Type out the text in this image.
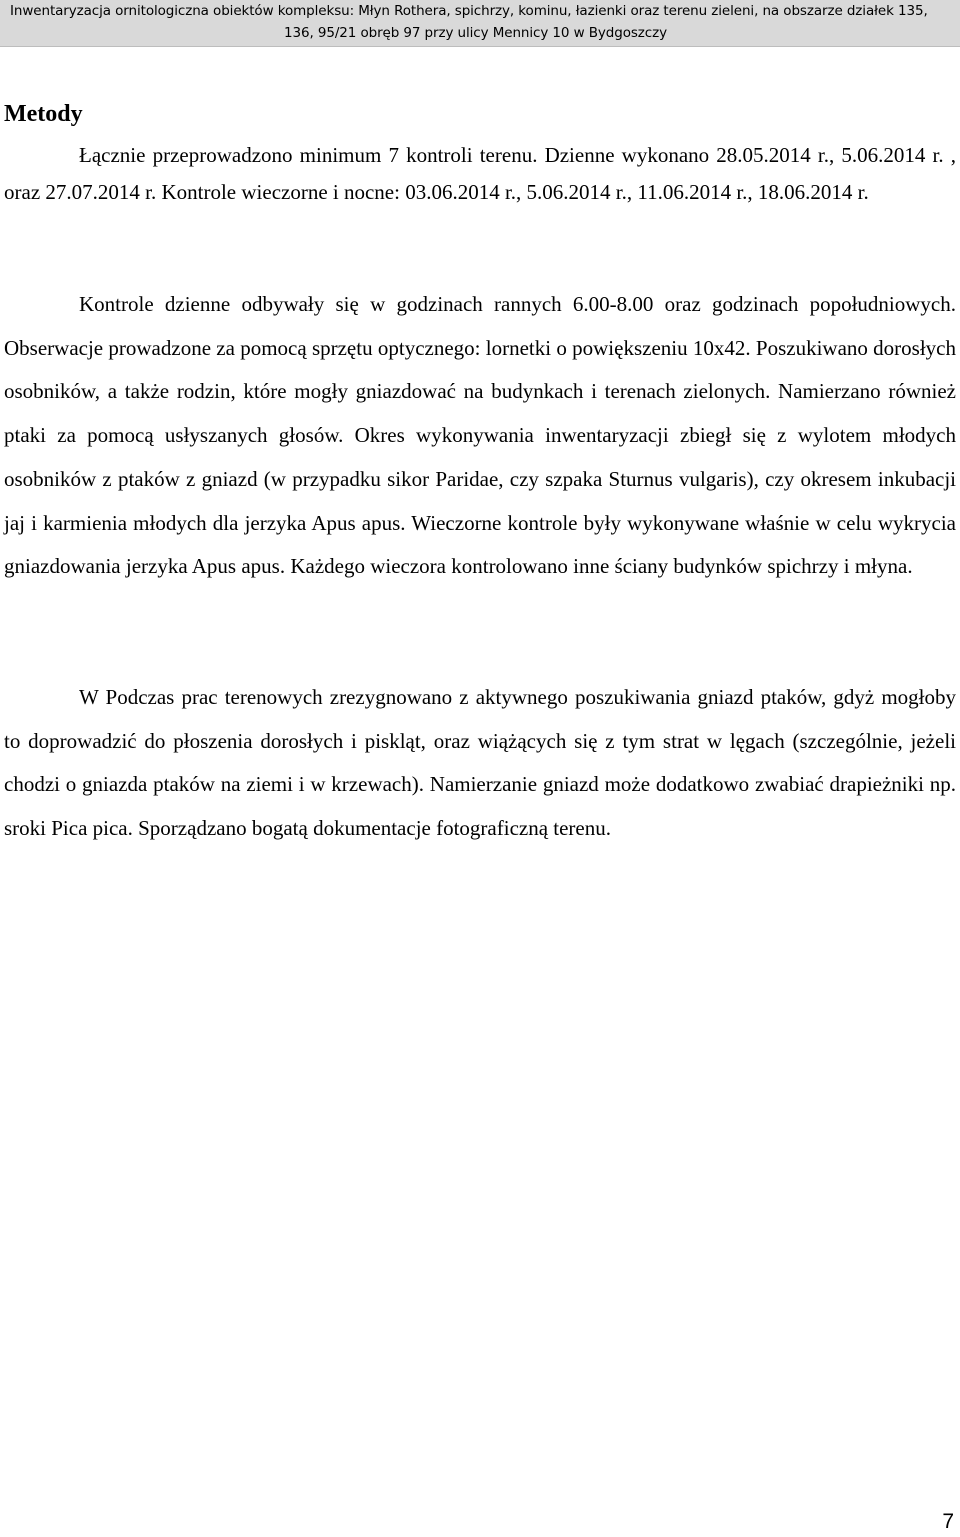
Inwentaryzacja ornitologiczna obiektów kompleksu: Młyn Rothera, spichrzy, kominu, łazienki oraz terenu zieleni, na obszarze działek 135,
136, 95/21 obręb 97 przy ulicy Mennicy 10 w Bydgoszczy
Metody

Łącznie przeprowadzono minimum 7 kontroli terenu. Dzienne wykonano 28.05.2014 r., 5.06.2014 r. , oraz 27.07.2014 r. Kontrole wieczorne i nocne: 03.06.2014 r., 5.06.2014 r., 11.06.2014 r., 18.06.2014 r.

Kontrole dzienne odbywały się w godzinach rannych 6.00-8.00 oraz godzinach popołudniowych. Obserwacje prowadzone za pomocą sprzętu optycznego: lornetki o powiększeniu 10x42. Poszukiwano dorosłych osobników, a także rodzin, które mogły gniazdować na budynkach i terenach zielonych. Namierzano również ptaki za pomocą usłyszanych głosów. Okres wykonywania inwentaryzacji zbiegł się z wylotem młodych osobników z ptaków z gniazd (w przypadku sikor Paridae, czy szpaka Sturnus vulgaris), czy okresem inkubacji jaj i karmienia młodych dla jerzyka Apus apus. Wieczorne kontrole były wykonywane właśnie w celu wykrycia gniazdowania jerzyka Apus apus. Każdego wieczora kontrolowano inne ściany budynków spichrzy i młyna.

W Podczas prac terenowych zrezygnowano z aktywnego poszukiwania gniazd ptaków, gdyż mogłoby to doprowadzić do płoszenia dorosłych i piskląt, oraz wiążących się z tym strat w lęgach (szczególnie, jeżeli chodzi o gniazda ptaków na ziemi i w krzewach). Namierzanie gniazd może dodatkowo zwabiać drapieżniki np. sroki Pica pica. Sporządzano bogatą dokumentacje fotograficzną terenu.

7
